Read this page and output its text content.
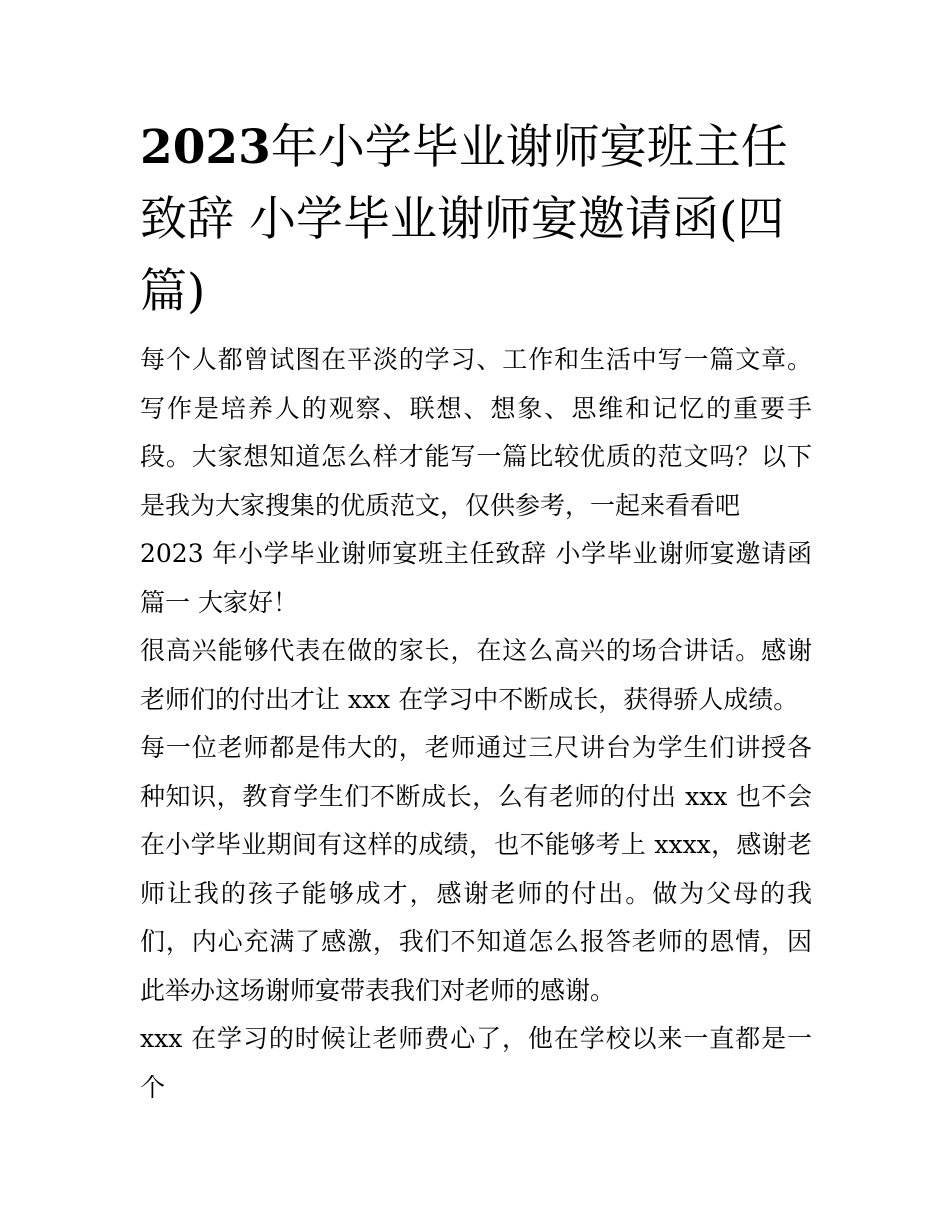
2023年小学毕业谢师宴班主任致辞 小学毕业谢师宴邀请函(四篇)

每个人都曾试图在平淡的学习、工作和生活中写一篇文章。写作是培养人的观察、联想、想象、思维和记忆的重要手段。大家想知道怎么样才能写一篇比较优质的范文吗？以下是我为大家搜集的优质范文，仅供参考，一起来看看吧

2023 年小学毕业谢师宴班主任致辞 小学毕业谢师宴邀请函篇一 大家好！

很高兴能够代表在做的家长，在这么高兴的场合讲话。感谢老师们的付出才让 xxx 在学习中不断成长，获得骄人成绩。

每一位老师都是伟大的，老师通过三尺讲台为学生们讲授各种知识，教育学生们不断成长，么有老师的付出 xxx 也不会在小学毕业期间有这样的成绩，也不能够考上 xxxx，感谢老师让我的孩子能够成才，感谢老师的付出。做为父母的我们，内心充满了感激，我们不知道怎么报答老师的恩情，因此举办这场谢师宴带表我们对老师的感谢。

xxx 在学习的时候让老师费心了，他在学校以来一直都是一个
